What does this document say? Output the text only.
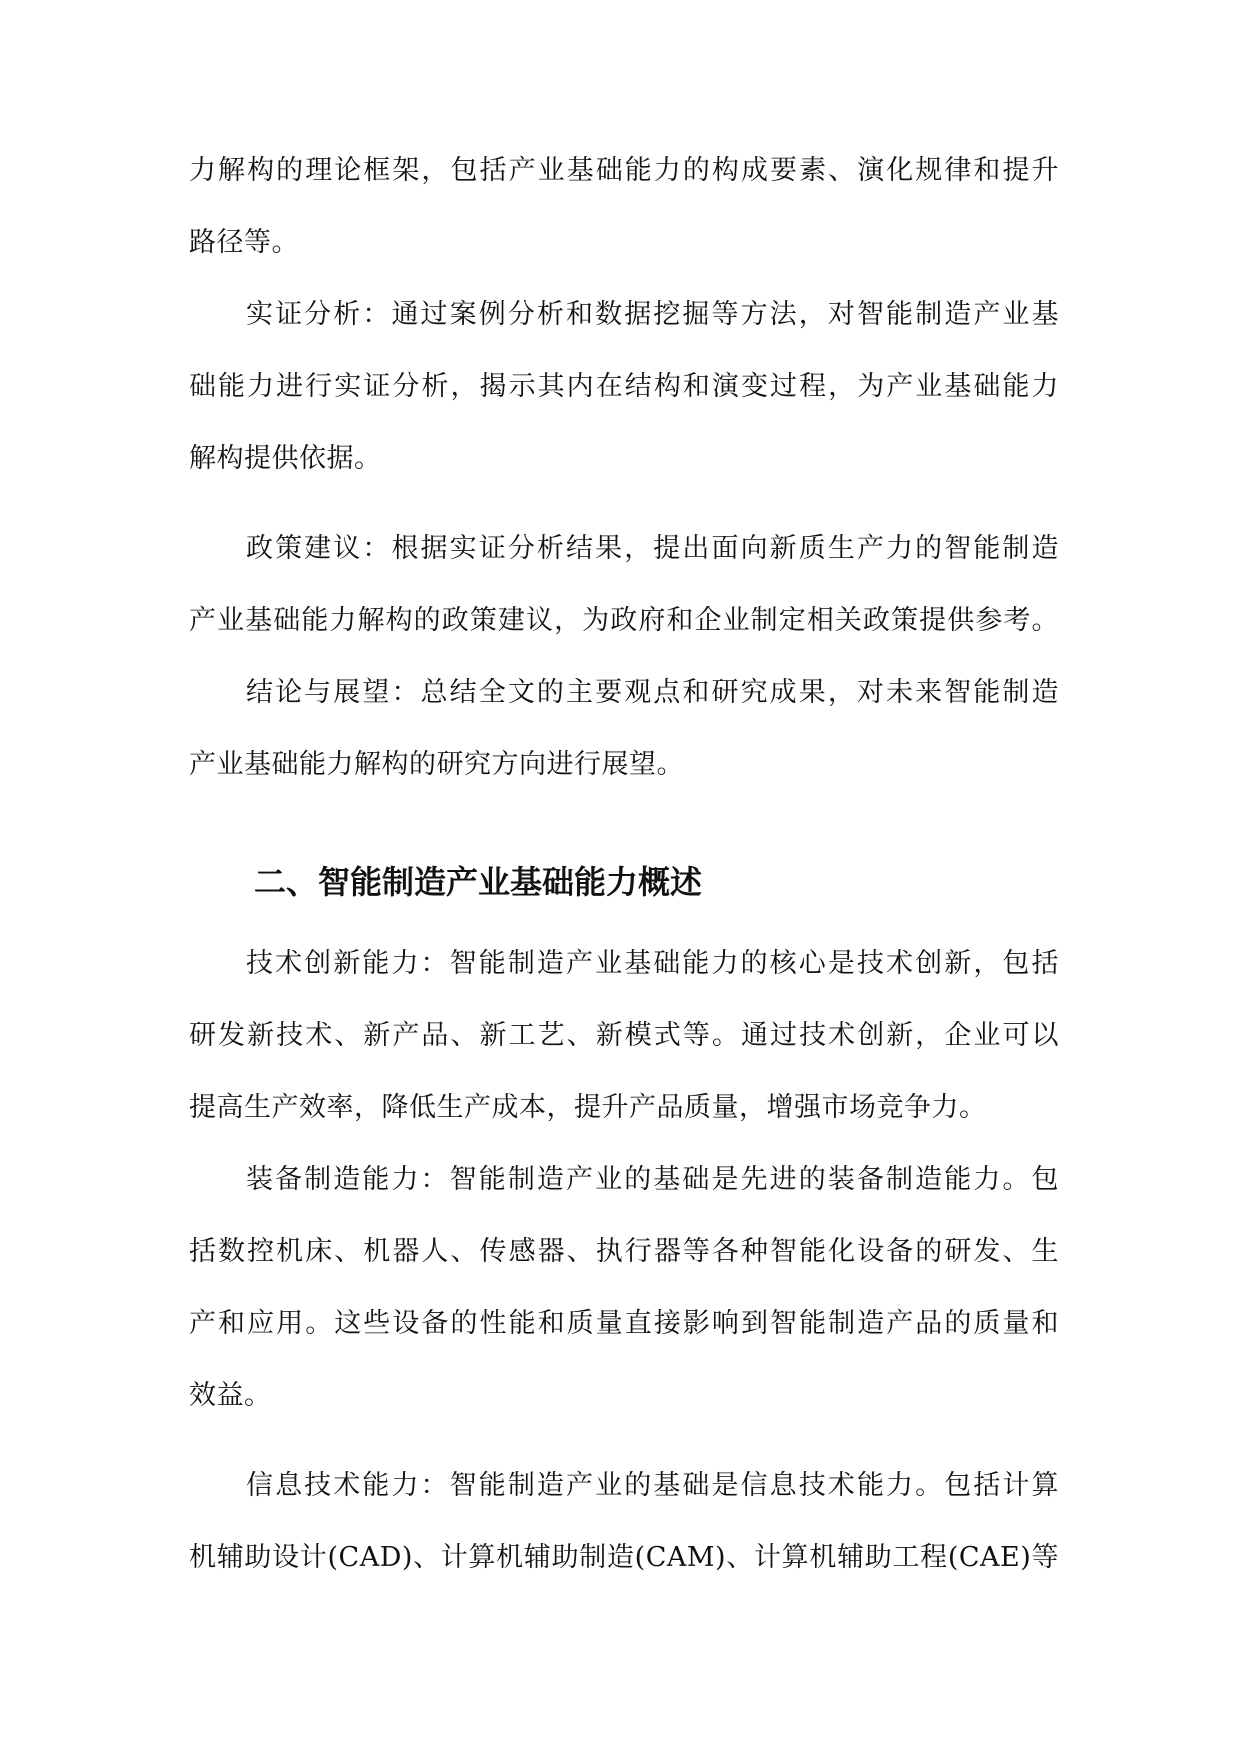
力解构的理论框架，包括产业基础能力的构成要素、演化规律和提升
路径等。
实证分析：通过案例分析和数据挖掘等方法，对智能制造产业基
础能力进行实证分析，揭示其内在结构和演变过程，为产业基础能力
解构提供依据。
政策建议：根据实证分析结果，提出面向新质生产力的智能制造
产业基础能力解构的政策建议，为政府和企业制定相关政策提供参考。
结论与展望：总结全文的主要观点和研究成果，对未来智能制造
产业基础能力解构的研究方向进行展望。
二、智能制造产业基础能力概述
技术创新能力：智能制造产业基础能力的核心是技术创新，包括
研发新技术、新产品、新工艺、新模式等。通过技术创新，企业可以
提高生产效率，降低生产成本，提升产品质量，增强市场竞争力。
装备制造能力：智能制造产业的基础是先进的装备制造能力。包
括数控机床、机器人、传感器、执行器等各种智能化设备的研发、生
产和应用。这些设备的性能和质量直接影响到智能制造产品的质量和
效益。
信息技术能力：智能制造产业的基础是信息技术能力。包括计算
机辅助设计(CAD)、计算机辅助制造(CAM)、计算机辅助工程(CAE)等
